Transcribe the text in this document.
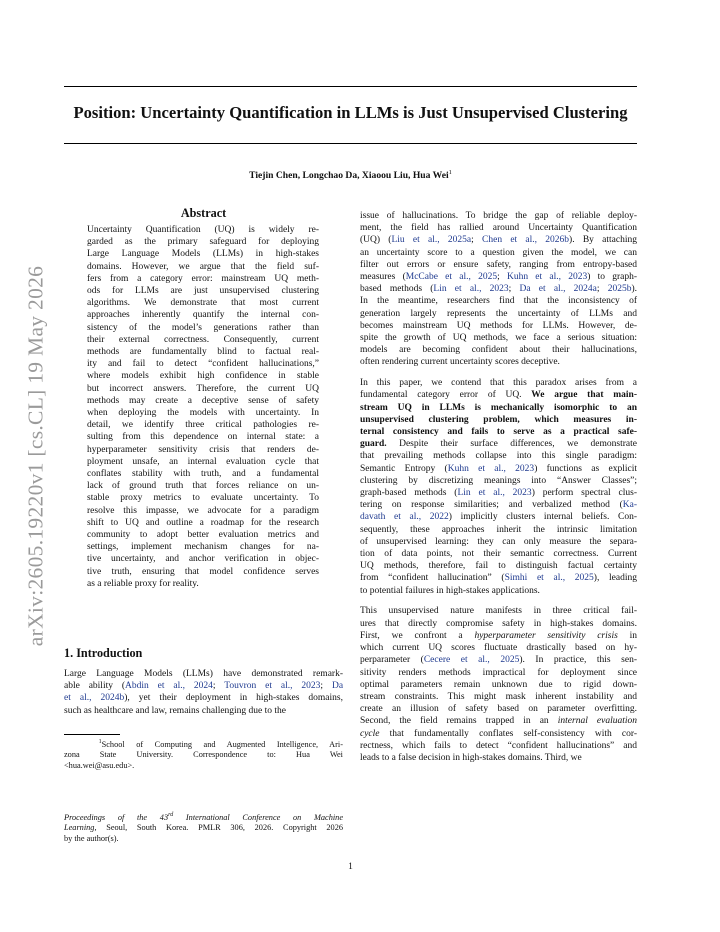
Position: Uncertainty Quantification in LLMs is Just Unsupervised Clustering
Tiejin Chen, Longchao Da, Xiaoou Liu, Hua Wei$^1$
arXiv:2605.19220v1 [cs.CL] 19 May 2026
Abstract
Uncertainty Quantification (UQ) is widely re-
garded as the primary safeguard for deploying
Large Language Models (LLMs) in high-stakes
domains. However, we argue that the field suf-
fers from a category error: mainstream UQ meth-
ods for LLMs are just unsupervised clustering
algorithms. We demonstrate that most current
approaches inherently quantify the internal con-
sistency of the model’s generations rather than
their external correctness. Consequently, current
methods are fundamentally blind to factual real-
ity and fail to detect “confident hallucinations,”
where models exhibit high confidence in stable
but incorrect answers. Therefore, the current UQ
methods may create a deceptive sense of safety
when deploying the models with uncertainty. In
detail, we identify three critical pathologies re-
sulting from this dependence on internal state: a
hyperparameter sensitivity crisis that renders de-
ployment unsafe, an internal evaluation cycle that
conflates stability with truth, and a fundamental
lack of ground truth that forces reliance on un-
stable proxy metrics to evaluate uncertainty. To
resolve this impasse, we advocate for a paradigm
shift to UQ and outline a roadmap for the research
community to adopt better evaluation metrics and
settings, implement mechanism changes for na-
tive uncertainty, and anchor verification in objec-
tive truth, ensuring that model confidence serves
as a reliable proxy for reality.
1. Introduction
Large Language Models (LLMs) have demonstrated remark-
able ability (Abdin et al., 2024; Touvron et al., 2023; Da
et al., 2024b), yet their deployment in high-stakes domains,
such as healthcare and law, remains challenging due to the
$^1$School of Computing and Augmented Intelligence, Ari-
zona State University. Correspondence to: Hua Wei
<hua.wei@asu.edu>.
Proceedings of the 43rd International Conference on Machine
Learning, Seoul, South Korea. PMLR 306, 2026. Copyright 2026
by the author(s).
issue of hallucinations. To bridge the gap of reliable deploy-
ment, the field has rallied around Uncertainty Quantification
(UQ) (Liu et al., 2025a; Chen et al., 2026b). By attaching
an uncertainty score to a question given the model, we can
filter out errors or ensure safety, ranging from entropy-based
measures (McCabe et al., 2025; Kuhn et al., 2023) to graph-
based methods (Lin et al., 2023; Da et al., 2024a; 2025b).
In the meantime, researchers find that the inconsistency of
generation largely represents the uncertainty of LLMs and
becomes mainstream UQ methods for LLMs. However, de-
spite the growth of UQ methods, we face a serious situation:
models are becoming confident about their hallucinations,
often rendering current uncertainty scores deceptive.
In this paper, we contend that this paradox arises from a
fundamental category error of UQ. We argue that main-
stream UQ in LLMs is mechanically isomorphic to an
unsupervised clustering problem, which measures in-
ternal consistency and fails to serve as a practical safe-
guard. Despite their surface differences, we demonstrate
that prevailing methods collapse into this single paradigm:
Semantic Entropy (Kuhn et al., 2023) functions as explicit
clustering by discretizing meanings into “Answer Classes”;
graph-based methods (Lin et al., 2023) perform spectral clus-
tering on response similarities; and verbalized method (Ka-
davath et al., 2022) implicitly clusters internal beliefs. Con-
sequently, these approaches inherit the intrinsic limitation
of unsupervised learning: they can only measure the separa-
tion of data points, not their semantic correctness. Current
UQ methods, therefore, fail to distinguish factual certainty
from “confident hallucination” (Simhi et al., 2025), leading
to potential failures in high-stakes applications.
This unsupervised nature manifests in three critical fail-
ures that directly compromise safety in high-stakes domains.
First, we confront a hyperparameter sensitivity crisis in
which current UQ scores fluctuate drastically based on hy-
perparameter (Cecere et al., 2025). In practice, this sen-
sitivity renders methods impractical for deployment since
optimal parameters remain unknown due to rigid down-
stream constraints. This might mask inherent instability and
create an illusion of safety based on parameter overfitting.
Second, the field remains trapped in an internal evaluation
cycle that fundamentally conflates self-consistency with cor-
rectness, which fails to detect “confident hallucinations” and
leads to a false decision in high-stakes domains. Third, we
1
